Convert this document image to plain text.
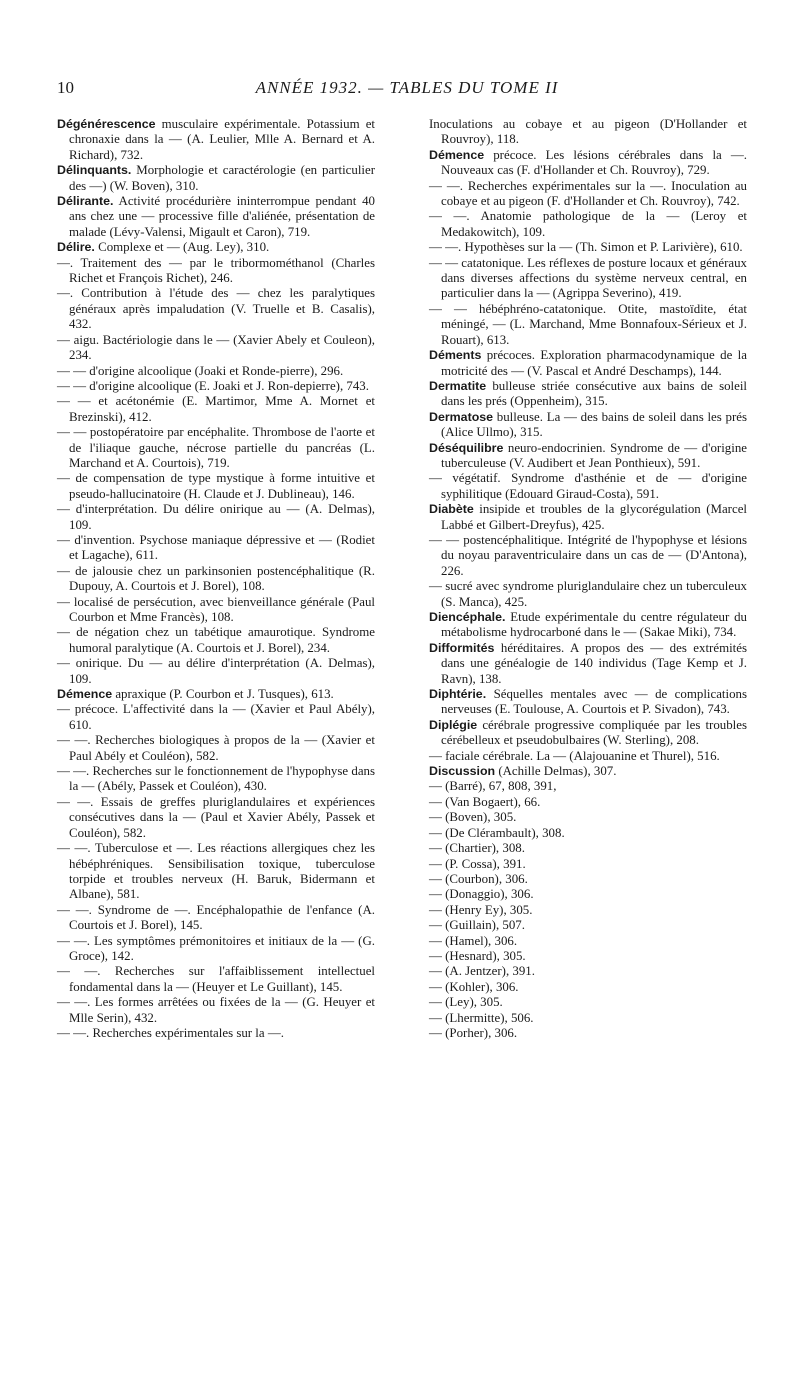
10	ANNÉE 1932. — TABLES DU TOME II

Dégénérescence musculaire expérimentale. Potassium et chronaxie dans la — (A. Leulier, Mlle A. Bernard et A. Richard), 732.

Délinquants. Morphologie et caractérologie (en particulier des —) (W. Boven), 310.

Délirante. Activité procédurière ininterrompue pendant 40 ans chez une — processive fille d'aliénée, présentation de malade (Lévy-Valensi, Migault et Caron), 719.

Délire. Complexe et — (Aug. Ley), 310.

—. Traitement des — par le tribormométhanol (Charles Richet et François Richet), 246.

—. Contribution à l'étude des — chez les paralytiques généraux après impaludation (V. Truelle et B. Casalis), 432.

— aigu. Bactériologie dans le — (Xavier Abely et Couleon), 234.

— — d'origine alcoolique (Joaki et Ronde-pierre), 296.

— — d'origine alcoolique (E. Joaki et J. Ron-depierre), 743.

— — et acétonémie (E. Martimor, Mme A. Mornet et Brezinski), 412.

— — postopératoire par encéphalite. Thrombose de l'aorte et de l'iliaque gauche, nécrose partielle du pancréas (L. Marchand et A. Courtois), 719.

— de compensation de type mystique à forme intuitive et pseudo-hallucinatoire (H. Claude et J. Dublineau), 146.

— d'interprétation. Du délire onirique au — (A. Delmas), 109.

— d'invention. Psychose maniaque dépressive et — (Rodiet et Lagache), 611.

— de jalousie chez un parkinsonien postencéphalitique (R. Dupouy, A. Courtois et J. Borel), 108.

— localisé de persécution, avec bienveillance générale (Paul Courbon et Mme Francès), 108.

— de négation chez un tabétique amaurotique. Syndrome humoral paralytique (A. Courtois et J. Borel), 234.

— onirique. Du — au délire d'interprétation (A. Delmas), 109.

Démence apraxique (P. Courbon et J. Tusques), 613.

— précoce. L'affectivité dans la — (Xavier et Paul Abély), 610.

— —. Recherches biologiques à propos de la — (Xavier et Paul Abély et Couléon), 582.

— —. Recherches sur le fonctionnement de l'hypophyse dans la — (Abély, Passek et Couléon), 430.

— —. Essais de greffes pluriglandulaires et expériences consécutives dans la — (Paul et Xavier Abély, Passek et Couléon), 582.

— —. Tuberculose et —. Les réactions allergiques chez les hébéphréniques. Sensibilisation toxique, tuberculose torpide et troubles nerveux (H. Baruk, Bidermann et Albane), 581.

— —. Syndrome de —. Encéphalopathie de l'enfance (A. Courtois et J. Borel), 145.

— —. Les symptômes prémonitoires et initiaux de la — (G. Groce), 142.

— —. Recherches sur l'affaiblissement intellectuel fondamental dans la — (Heuyer et Le Guillant), 145.

— —. Les formes arrêtées ou fixées de la — (G. Heuyer et Mlle Serin), 432.

— —. Recherches expérimentales sur la —.

Inoculations au cobaye et au pigeon (D'Hollander et Rouvroy), 118.

Démence précoce. Les lésions cérébrales dans la —. Nouveaux cas (F. d'Hollander et Ch. Rouvroy), 729.

— —. Recherches expérimentales sur la —. Inoculation au cobaye et au pigeon (F. d'Hollander et Ch. Rouvroy), 742.

— —. Anatomie pathologique de la — (Leroy et Medakowitch), 109.

— —. Hypothèses sur la — (Th. Simon et P. Larivière), 610.

— — catatonique. Les réflexes de posture locaux et généraux dans diverses affections du système nerveux central, en particulier dans la — (Agrippa Severino), 419.

— — hébéphréno-catatonique. Otite, mastoïdite, état méningé, — (L. Marchand, Mme Bonnafoux-Sérieux et J. Rouart), 613.

Déments précoces. Exploration pharmacodynamique de la motricité des — (V. Pascal et André Deschamps), 144.

Dermatite bulleuse striée consécutive aux bains de soleil dans les prés (Oppenheim), 315.

Dermatose bulleuse. La — des bains de soleil dans les prés (Alice Ullmo), 315.

Déséquilibre neuro-endocrinien. Syndrome de — d'origine tuberculeuse (V. Audibert et Jean Ponthieux), 591.

— végétatif. Syndrome d'asthénie et de — d'origine syphilitique (Edouard Giraud-Costa), 591.

Diabète insipide et troubles de la glycorégulation (Marcel Labbé et Gilbert-Dreyfus), 425.

— — postencéphalitique. Intégrité de l'hypophyse et lésions du noyau paraventriculaire dans un cas de — (D'Antona), 226.

— sucré avec syndrome pluriglandulaire chez un tuberculeux (S. Manca), 425.

Diencéphale. Etude expérimentale du centre régulateur du métabolisme hydrocarboné dans le — (Sakae Miki), 734.

Difformités héréditaires. A propos des — des extrémités dans une généalogie de 140 individus (Tage Kemp et J. Ravn), 138.

Diphtérie. Séquelles mentales avec — de complications nerveuses (E. Toulouse, A. Courtois et P. Sivadon), 743.

Diplégie cérébrale progressive compliquée par les troubles cérébelleux et pseudobulbaires (W. Sterling), 208.

— faciale cérébrale. La — (Alajouanine et Thurel), 516.

Discussion (Achille Delmas), 307.

— (Barré), 67, 808, 391,

— (Van Bogaert), 66.

— (Boven), 305.

— (De Clérambault), 308.

— (Chartier), 308.

— (P. Cossa), 391.

— (Courbon), 306.

— (Donaggio), 306.

— (Henry Ey), 305.

— (Guillain), 507.

— (Hamel), 306.

— (Hesnard), 305.

— (A. Jentzer), 391.

— (Kohler), 306.

— (Ley), 305.

— (Lhermitte), 506.

— (Porher), 306.
